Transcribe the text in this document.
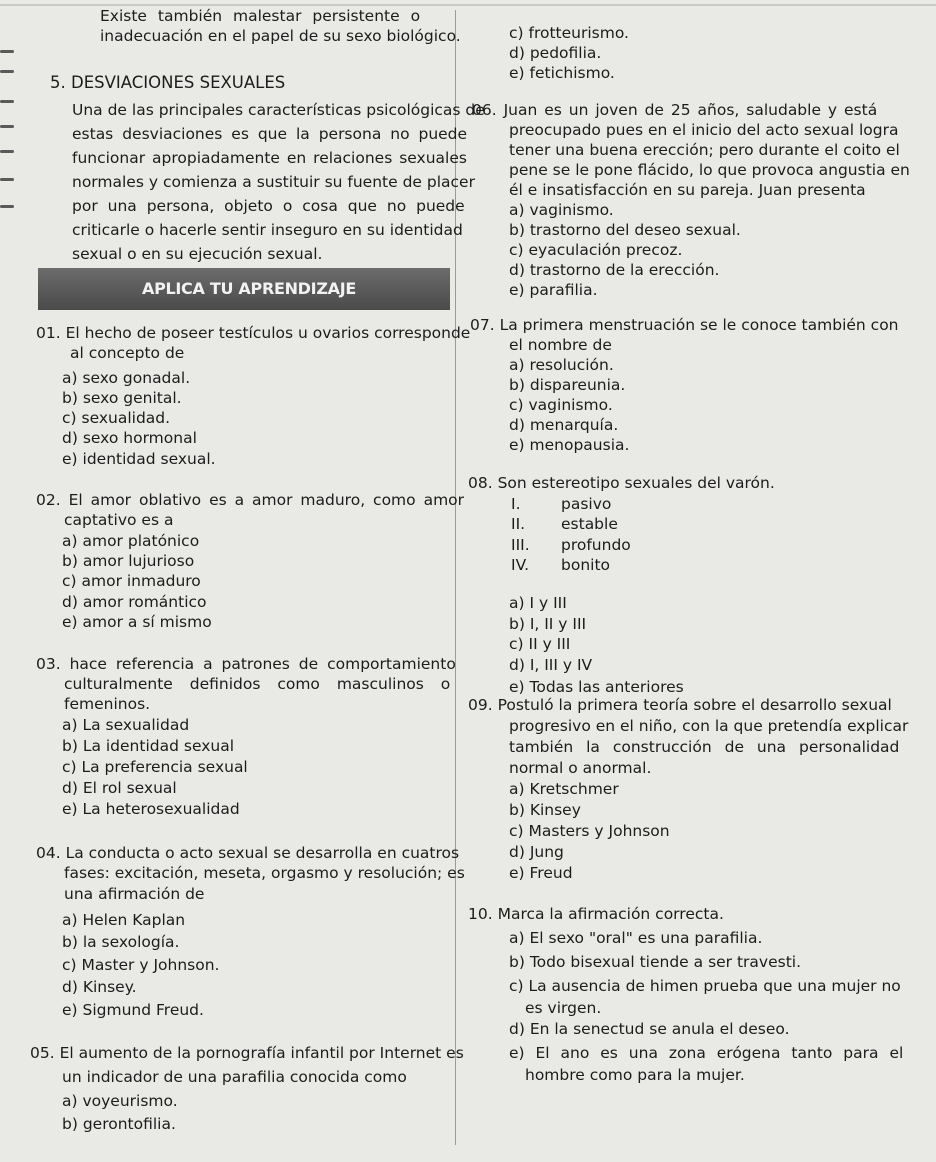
Existe también malestar persistente o
inadecuación en el papel de su sexo biológico.
5. DESVIACIONES SEXUALES
Una de las principales características psicológicas de
estas desviaciones es que la persona no puede
funcionar apropiadamente en relaciones sexuales
normales y comienza a sustituir su fuente de placer
por una persona, objeto o cosa que no puede
criticarle o hacerle sentir inseguro en su identidad
sexual o en su ejecución sexual.
APLICA TU APRENDIZAJE
01. El hecho de poseer testículos u ovarios corresponde
al concepto de
a) sexo gonadal.
b) sexo genital.
c) sexualidad.
d) sexo hormonal
e) identidad sexual.
02. El amor oblativo es a amor maduro, como amor
captativo es a
a) amor platónico
b) amor lujurioso
c) amor inmaduro
d) amor romántico
e) amor a sí mismo
03. hace referencia a patrones de comportamiento
culturalmente definidos como masculinos o
femeninos.
a) La sexualidad
b) La identidad sexual
c) La preferencia sexual
d) El rol sexual
e) La heterosexualidad
04. La conducta o acto sexual se desarrolla en cuatros
fases: excitación, meseta, orgasmo y resolución; es
una afirmación de
a) Helen Kaplan
b) la sexología.
c) Master y Johnson.
d) Kinsey.
e) Sigmund Freud.
05. El aumento de la pornografía infantil por Internet es
un indicador de una parafilia conocida como
a) voyeurismo.
b) gerontofilia.
c) frotteurismo.
d) pedofilia.
e) fetichismo.
06. Juan es un joven de 25 años, saludable y está
preocupado pues en el inicio del acto sexual logra
tener una buena erección; pero durante el coito el
pene se le pone flácido, lo que provoca angustia en
él e insatisfacción en su pareja. Juan presenta
a) vaginismo.
b) trastorno del deseo sexual.
c) eyaculación precoz.
d) trastorno de la erección.
e) parafilia.
07. La primera menstruación se le conoce también con
el nombre de
a) resolución.
b) dispareunia.
c) vaginismo.
d) menarquía.
e) menopausia.
08. Son estereotipo sexuales del varón.
I.	pasivo
II. estable
III. profundo
IV. bonito
a) I y III
b) I, II y III
c) II y III
d) I, III y IV
e) Todas las anteriores
09. Postuló la primera teoría sobre el desarrollo sexual
progresivo en el niño, con la que pretendía explicar
también la construcción de una personalidad
normal o anormal.
a) Kretschmer
b) Kinsey
c) Masters y Johnson
d) Jung
e) Freud
10. Marca la afirmación correcta.
a) El sexo "oral" es una parafilia.
b) Todo bisexual tiende a ser travesti.
c) La ausencia de himen prueba que una mujer no
es virgen.
d) En la senectud se anula el deseo.
e) El ano es una zona erógena tanto para el
hombre como para la mujer.
